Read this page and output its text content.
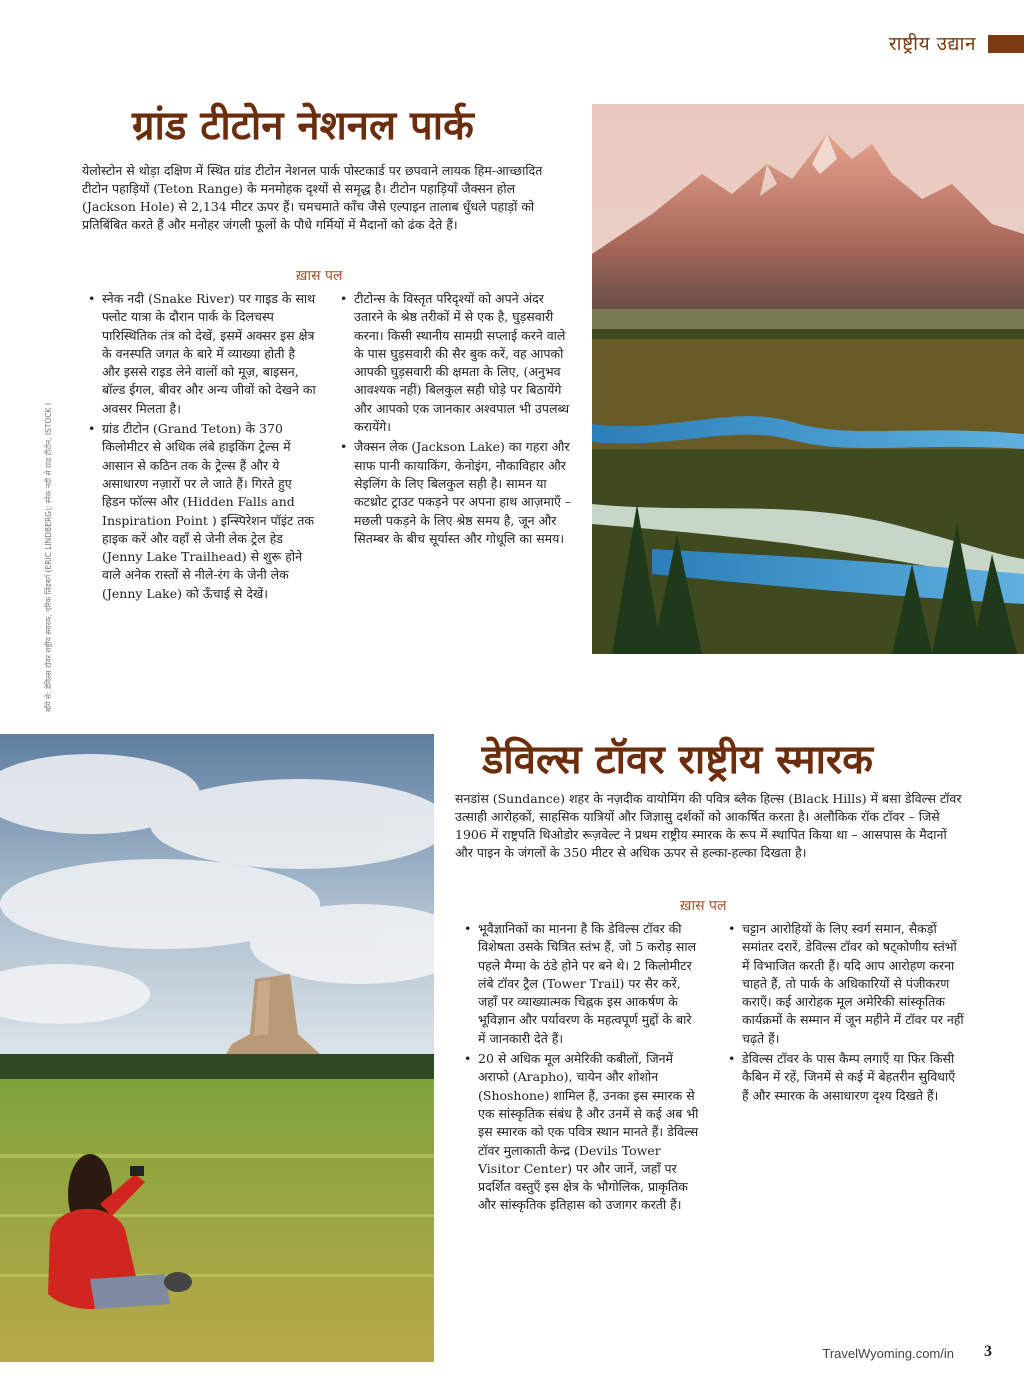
राष्ट्रीय उद्यान
ग्रांड टीटोन नेशनल पार्क
येलोस्टोन से थोड़ा दक्षिण में स्थित ग्रांड टीटोन नेशनल पार्क पोस्टकार्ड पर छपवाने लायक हिम-आच्छादित टीटोन पहाड़ियों (Teton Range) के मनमोहक दृश्यों से समृद्ध है। टीटोन पहाड़ियाँ जैक्सन होल (Jackson Hole) से 2,134 मीटर ऊपर हैं। चमचमाते काँच जैसे एल्पाइन तालाब धुँधले पहाड़ों को प्रतिबिंबित करते हैं और मनोहर जंगली फूलों के पौधे गर्मियों में मैदानों को ढंक देते हैं।
ख़ास पल
• स्नेक नदी (Snake River) पर गाइड के साथ फ्लोट यात्रा के दौरान पार्क के दिलचस्प पारिस्थितिक तंत्र को देखें, इसमें अक्सर इस क्षेत्र के वनस्पति जगत के बारे में व्याख्या होती है और इससे राइड लेने वालों को मूज़, बाइसन, बॉल्ड ईगल, बीवर और अन्य जीवों को देखने का अवसर मिलता है।
• ग्रांड टीटोन (Grand Teton) के 370 किलोमीटर से अधिक लंबे हाइकिंग ट्रेल्स में आसान से कठिन तक के ट्रेल्स हैं और ये असाधारण नज़ारों पर ले जाते हैं। गिरते हुए हिडन फॉल्स और (Hidden Falls and Inspiration Point ) इन्स्पिरेशन पॉइंट तक हाइक करें और वहाँ से जेनी लेक ट्रेल हेड (Jenny Lake Trailhead) से शुरू होने वाले अनेक रास्तों से नीले-रंग के जेनी लेक (Jenny Lake) को ऊँचाई से देखें।
• टीटोन्स के विस्तृत परिदृश्यों को अपने अंदर उतारने के श्रेष्ठ तरीकों में से एक है, घुड़सवारी करना। किसी स्थानीय सामग्री सप्लाई करने वाले के पास घुड़सवारी की सैर बुक करें, वह आपको आपकी घुड़सवारी की क्षमता के लिए, (अनुभव आवश्यक नहीं) बिलकुल सही घोड़े पर बिठायेंगे और आपको एक जानकार अश्वपाल भी उपलब्ध करायेंगे।
• जैक्सन लेक (Jackson Lake) का गहरा और साफ पानी कायाकिंग, केनोइंग, नौकाविहार और सेइलिंग के लिए बिलकुल सही है। सामन या कटथ्रोट ट्राउट पकड़ने पर अपना हाथ आज़माएँ – मछली पकड़ने के लिए श्रेष्ठ समय है, जून और सितम्बर के बीच सूर्यास्त और गोधूलि का समय।
बाँये से: डेविल्स टॉवर राष्ट्रीय स्मारक, एरिक लिंडबर्ग (ERIC LINDBERG); स्नेक नदी से ग्रांड टीटोन, ISTOCK I
डेविल्स टॉवर राष्ट्रीय स्मारक
सनडांस (Sundance) शहर के नज़दीक वायोमिंग की पवित्र ब्लैक हिल्स (Black Hills) में बसा डेविल्स टॉवर उत्साही आरोहकों, साहसिक यात्रियों और जिज्ञासु दर्शकों को आकर्षित करता है। अलौकिक रॉक टॉवर – जिसे 1906 में राष्ट्रपति थिओडोर रूज़वेल्ट ने प्रथम राष्ट्रीय स्मारक के रूप में स्थापित किया था – आसपास के मैदानों और पाइन के जंगलों के 350 मीटर से अधिक ऊपर से हल्का-हल्का दिखता है।
ख़ास पल
• भूवैज्ञानिकों का मानना है कि डेविल्स टॉवर की विशेषता उसके चित्रित स्तंभ हैं, जो 5 करोड़ साल पहले मैग्मा के ठंडे होने पर बने थे। 2 किलोमीटर लंबे टॉवर ट्रैल (Tower Trail) पर सैर करें, जहाँ पर व्याख्यात्मक चिह्नक इस आकर्षण के भूविज्ञान और पर्यावरण के महत्वपूर्ण मुद्दों के बारे में जानकारी देते हैं।
• 20 से अधिक मूल अमेरिकी कबीलों, जिनमें अराफो (Arapho), चायेन और शोशोन (Shoshone) शामिल हैं, उनका इस स्मारक से एक सांस्कृतिक संबंध है और उनमें से कई अब भी इस स्मारक को एक पवित्र स्थान मानते हैं। डेविल्स टॉवर मुलाकाती केन्द्र (Devils Tower Visitor Center) पर और जानें, जहाँ पर प्रदर्शित वस्तुएँ इस क्षेत्र के भौगोलिक, प्राकृतिक और सांस्कृतिक इतिहास को उजागर करती हैं।
• चट्टान आरोहियों के लिए स्वर्ग समान, सैकड़ों समांतर दरारें, डेविल्स टॉवर को षट्कोणीय स्तंभों में विभाजित करती हैं। यदि आप आरोहण करना चाहते हैं, तो पार्क के अधिकारियों से पंजीकरण कराएँ। कई आरोहक मूल अमेरिकी सांस्कृतिक कार्यक्रमों के सम्मान में जून महीने में टॉवर पर नहीं चढ़ते हैं।
• डेविल्स टॉवर के पास कैम्प लगाएँ या फिर किसी कैबिन में रहें, जिनमें से कई में बेहतरीन सुविधाएँ हैं और स्मारक के असाधारण दृश्य दिखते हैं।
TravelWyoming.com/in 3
